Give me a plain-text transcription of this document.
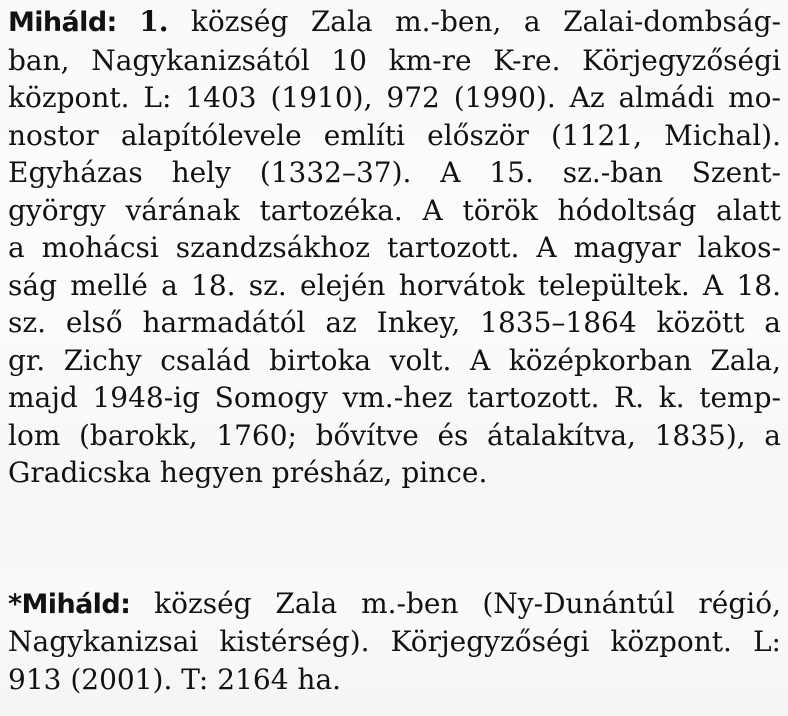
Miháld: 1. község Zala m.-ben, a Zalai-dombság-
ban, Nagykanizsától 10 km-re K-re. Körjegyzőségi
központ. L: 1403 (1910), 972 (1990). Az almádi mo-
nostor alapítólevele említi először (1121, Michal).
Egyházas hely (1332–37). A 15. sz.-ban Szent-
györgy várának tartozéka. A török hódoltság alatt
a mohácsi szandzsákhoz tartozott. A magyar lakos-
ság mellé a 18. sz. elején horvátok települtek. A 18.
sz. első harmadától az Inkey, 1835–1864 között a
gr. Zichy család birtoka volt. A középkorban Zala,
majd 1948-ig Somogy vm.-hez tartozott. R. k. temp-
lom (barokk, 1760; bővítve és átalakítva, 1835), a
Gradicska hegyen présház, pince.
*Miháld: község Zala m.-ben (Ny-Dunántúl régió,
Nagykanizsai kistérség). Körjegyzőségi központ. L:
913 (2001). T: 2164 ha.
